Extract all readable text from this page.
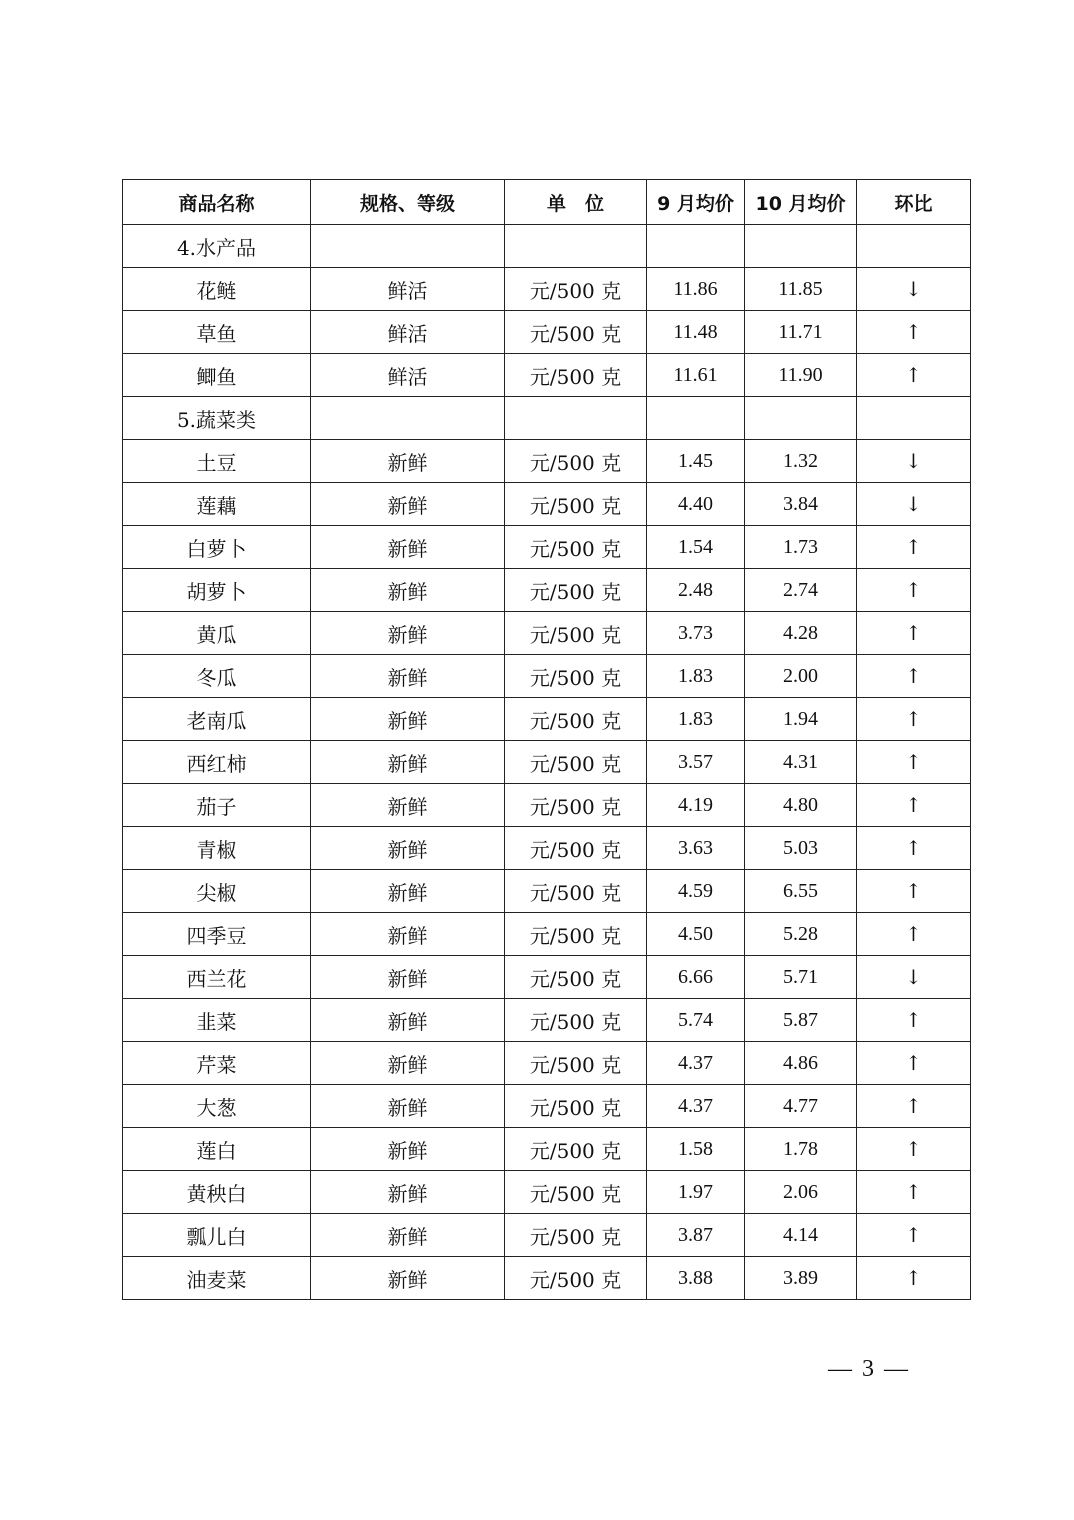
商品名称	规格、等级	单　位	9 月均价	10 月均价	环比
4.水产品					
花鲢	鲜活	元/500 克	11.86	11.85	↓
草鱼	鲜活	元/500 克	11.48	11.71	↑
鲫鱼	鲜活	元/500 克	11.61	11.90	↑
5.蔬菜类					
土豆	新鲜	元/500 克	1.45	1.32	↓
莲藕	新鲜	元/500 克	4.40	3.84	↓
白萝卜	新鲜	元/500 克	1.54	1.73	↑
胡萝卜	新鲜	元/500 克	2.48	2.74	↑
黄瓜	新鲜	元/500 克	3.73	4.28	↑
冬瓜	新鲜	元/500 克	1.83	2.00	↑
老南瓜	新鲜	元/500 克	1.83	1.94	↑
西红柿	新鲜	元/500 克	3.57	4.31	↑
茄子	新鲜	元/500 克	4.19	4.80	↑
青椒	新鲜	元/500 克	3.63	5.03	↑
尖椒	新鲜	元/500 克	4.59	6.55	↑
四季豆	新鲜	元/500 克	4.50	5.28	↑
西兰花	新鲜	元/500 克	6.66	5.71	↓
韭菜	新鲜	元/500 克	5.74	5.87	↑
芹菜	新鲜	元/500 克	4.37	4.86	↑
大葱	新鲜	元/500 克	4.37	4.77	↑
莲白	新鲜	元/500 克	1.58	1.78	↑
黄秧白	新鲜	元/500 克	1.97	2.06	↑
瓢儿白	新鲜	元/500 克	3.87	4.14	↑
油麦菜	新鲜	元/500 克	3.88	3.89	↑
— 3 —
